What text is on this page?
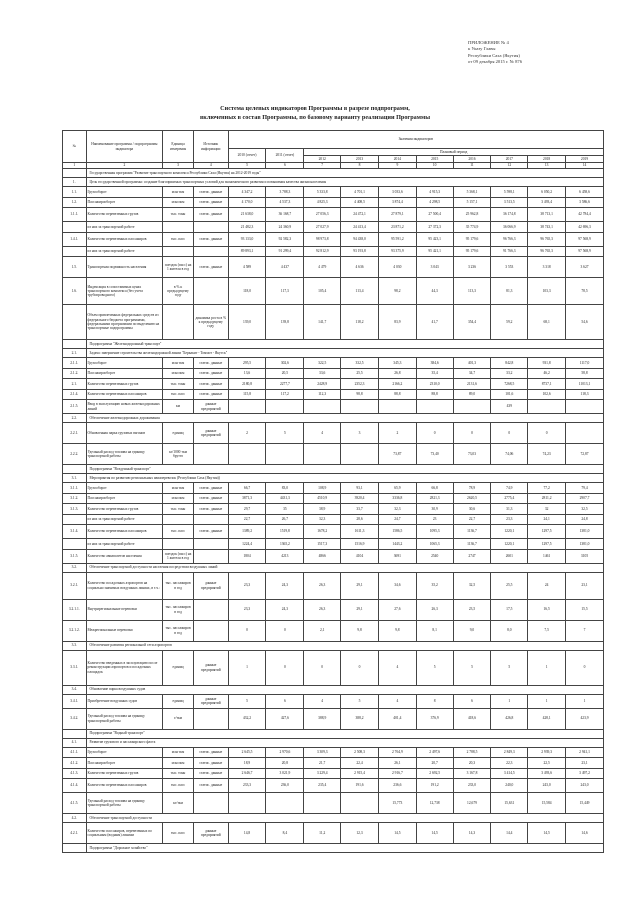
ПРИЛОЖЕНИЕ № 4
к Указу Главы
Республики Саха (Якутия)
от 09 декабря 2015 г. № 876
Система целевых индикаторов Программы в разрезе подпрограмм,
включенных в состав Программы, по базовому варианту реализации Программы
№	Наименование программы / подпрограммы индикатора	Единица измерения	Источник информации	Значения индикаторов									
				2010 (отчет)	2011 (отчет)	Плановый период							
						2012	2013	2014	2015	2016	2017	2018	2019
1	2	3	4	5	6	7	8	9	10	11	12	13	14
	Государственная программа "Развитие транспортного комплекса Республики Саха (Якутия) на 2012-2019 годы"												
1.	Цель государственной программы: создание благоприятных транспортных условий для экономического развития и повышения качества жизни населения												
1.1.	Грузооборот	млн ткм	статис. данные	4 347,2	3 788,3	5 333,8	4 701,1	3 033,6	4 915,3	5 368,1	5 598,1	6 050,2	6 458,6
1.2.	Пассажирооборот	млн пкм	статис. данные	4 170,0	4 537,3	4 825,3	4 408,5	3 874,4	4 298,5	5 157,1	3 513,5	3 493,4	3 586,6
1.1.1.	Количество перевезенных грузов	тыс. тонн	статис. данные	21 638,0	36 168,7	27 056,3	24 472,1	27 879,1	27 500,4	25 962,8	36 174,8	38 713,1	42 784,4
	из них за транспортной работе			21 482,3	24 360,9	27 027,9	24 413,4	23 871,2	27 372,3	35 774,9	36 066,9	38 743,1	42 696,3
1.4.1.	Количество перевезенных пассажиров	тыс. пасс	статис. данные	93 133,0	92 582,3	98 973,8	94 438,0	95 591,2	95 423,1	95 179,6	96 766,3	96 765,3	97 568,9
	из них за транспортной работе			89 893,1	91 299,4	92 812,9	93 193,8	93 375,9	95 421,1	95 179,6	91 766,3	96 765,3	97 568,9
1.5.	Транспортная подвижность населения	поездок (пасс) на 1 жителя в год	статис. данные	4 589	4 437	4 479	4 636	4 030	3 043	3 236	3 553	3 318	3 627
1.6.	Индексация в сопоставимых ценах транспортного комплекса (без учета трубопроводного)	в % к предыдущему году		118,0	117,3	105,4	113,4	98,2	44,3	113,3	81,3	103,3	78,5
	Объем привлеченных федеральных средств из федерального бюджета программами, федеральными программами по выделению на транспортные подпрограммы		динамика роста в % к предыдущему году	139,0	139,8	141,7	118,2	83,9	41,7	354,4	59,2	68,1	54,6
	Подпрограмма "Железнодорожный транспорт"												
2.1.	Задача: завершение строительства железнодорожной линии "Беркакит - Томмот - Якутск"												
2.1.1.	Грузооборот	млн ткм	статис. данные	295,5	302,6	322,5	332,5	345,3	384,6	401,3	842,8	931,8	1117,0
2.1.2.	Пассажирооборот	млн пкм	статис. данные	13,6	20,5	33,6	25,5	26,8	35,4	34,7	33,2	46,2	58,8
2.1.	Количество перевезенных грузов	тыс. тонн	статис. данные	2180,8	2277,7	2428,9	2352,3	2166,2	2310,0	2131,6	7268,5	8737,1	11013,1
2.1.4.	Количество перевезенных пассажиров	тыс. пасс	статис. данные	115,8	117,2	112,3	98,8	88,8	88,8	89,0	101,6	102,6	118,3
2.1.5.	Ввод в эксплуатацию новых железнодорожных линий	км	данные предприятий								439		
2.2.	Обеспечение железнодорожных дороживания												
2.2.1.	Обновленная парка грузовых вагонов	единиц	данные предприятий	2	5	4	3	2	0	0	0	0	
2.2.2.	Удельный расход топлива на единицу транспортной работы	кг/1000 ткм брутто						73,87	73,40	73,03	74,06	74,23	72,87
	Подпрограмма "Воздушный транспорт"												
3.1.	Мероприятия по развитию региональных авиаперевозок (Республики Саха (Якутия))												
3.1.1.	Грузооборот	млн ткм	статис. данные	66,7	83,0	108,9	93,1	65,9	66,8	78,9	74,9	77,2	79,4
3.1.2.	Пассажирооборот	млн пкм	статис. данные	3871,3	4431,3	4510,9	3920,4	3336,8	2821,3	2620,5	2775,4	2811,2	2907,7
3.1.3.	Количество перевезенных грузов	тыс. тонн	статис. данные	29,7	35	38,9	33,7	32,3	30,9	30,6	31,3	32	32,5
	из них за транспортной работе			22,7	26,7	32,3	28,6	24,7	23	22,7	23,3	24,1	24,8
3.1.4.	Количество перевезенных пассажиров	тыс. пасс	статис. данные	1389,2	1519,8	1678,2	1611,3	1586,5	1095,3	1136,7	1220,1	1297,5	1381,0
	из них за транспортной работе			1224,4	1365,2	1517,3	1516,9	1443,2	1065,3	1136,7	1220,1	1297,5	1381,0
3.1.5.	Количество авиаполетов населения	поездок (пасс) на 1 жителя в год		1804	4213	4866	4104	3691	2540	2747	2601	1461	3105
3.2.	Обеспечение транспортной доступности населения посредством воздушных линий												
3.2.1.	Количество посадочных аэропортов на социально значимых воздушных линиях, в т.ч.:	тыс. пассажиров в год	данные предприятий	23,3	24,3	26,3	29,1	34,6	35,2	32,5	25,5	24	23,1
3.2.1.1.	Внутрирегиональные перевозки	тыс. пассажиров в год		23,3	24,3	26,3	29,1	27,6	26,3	23,5	17,5	16,5	15,5
3.2.1.2.	Межрегиональные перевозки	тыс. пассажиров в год		0	0	2,1	9,8	9,8	8,1	9,0	8,0	7,5	7
3.3.	Обеспечение развития региональной сети аэропортов												
3.3.1.	Количество введенных в эксплуатацию после реконструкции аэропортов и посадочных площадок	единиц	данные предприятий	1	0	0	0	4	5	5	5	1	0
3.4.	Обновление парка воздушных судов												
3.4.1.	Приобретение воздушных судов	единиц	данные предприятий	5	6	4	5	4	8	6	1	1	1
3.4.2.	Удельный расход топлива на единицу транспортной работы	г/ткм		432,2	427,6	388,9	388,2	401,4	376,9	418,6	426,8	428,1	423,9
	Подпрограмма "Водный транспорт"												
4.1.	Развитие грузового и пассажирского флота												
4.1.1.	Грузооборот	млн ткм	статис. данные	2 645,5	2 970,6	3 309,3	2 508,3	2 764,9	2 497,6	2 788,5	2 849,3	2 939,3	2 941,1
4.1.2.	Пассажирооборот	млн пкм	статис. данные	18,9	20,8	21,7	22,4	26,1	20,7	20,3	22,3	22,5	23,1
4.1.3.	Количество перевезенных грузов	тыс. тонн	статис. данные	2 646,7	3 021,9	3 229,4	2 915,4	2 916,7	2 692,5	3 167,8	3 414,5	3 493,6	3 497,2
4.1.4.	Количество перевезенных пассажиров	тыс. пасс	статис. данные	233,3	236,0	235,4	191,6	236,6	191,2	233,0	240,0	243,0	243,0
4.1.5.	Удельный расход топлива на единицу транспортной работы	кг/ткм						15,773	12,738	12,679	15,631	15,584	15,449
4.2.	Обеспечение транспортной доступности												
4.2.1.	Количество пассажиров, перевезенных по социальным (водным) линиям	тыс. пасс	данные предприятий	14,8	8,4	11,2	12,3	14,5	14,5	14,3	14,4	14,5	14,6
	Подпрограмма "Дорожное хозяйство"												
